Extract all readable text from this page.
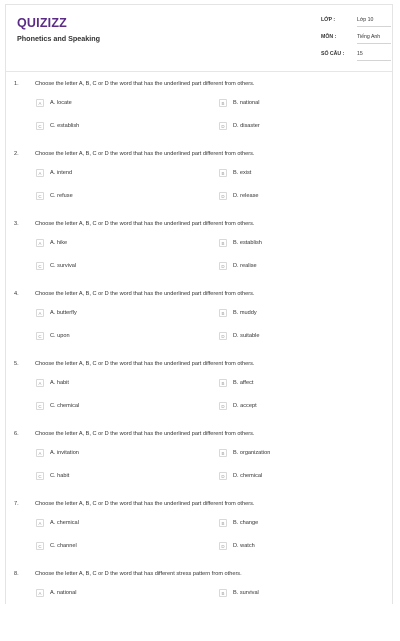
QUIZIZZ
Phonetics and Speaking
LỚP :	Lớp 10
MÔN :	Tiếng Anh
SỐ CÂU : 15
1.	Choose the letter A, B, C or D the word that has the underlined part different from others.
A	A. locate	B	B. national
C	C. establish	D	D. disaster
2.	Choose the letter A, B, C or D the word that has the underlined part different from others.
A	A. intend	B	B. exist
C	C. refuse	D	D. release
3.	Choose the letter A, B, C or D the word that has the underlined part different from others.
A	A. hike	B	B. establish
C	C. survival	D	D. realise
4.	Choose the letter A, B, C or D the word that has the underlined part different from others.
A	A. butterfly	B	B. muddy
C	C. upon	D	D. suitable
5.	Choose the letter A, B, C or D the word that has the underlined part different from others.
A	A. habit	B	B. affect
C	C. chemical	D	D. accept
6.	Choose the letter A, B, C or D the word that has the underlined part different from others.
A	A. invitation	B	B. organization
C	C. habit	D	D. chemical
7.	Choose the letter A, B, C or D the word that has the underlined part different from others.
A	A. chemical	B	B. change
C	C. channel	D	D. watch
8.	Choose the letter A, B, C or D the word that has different stress pattern from others.
A	A. national	B	B. survival
